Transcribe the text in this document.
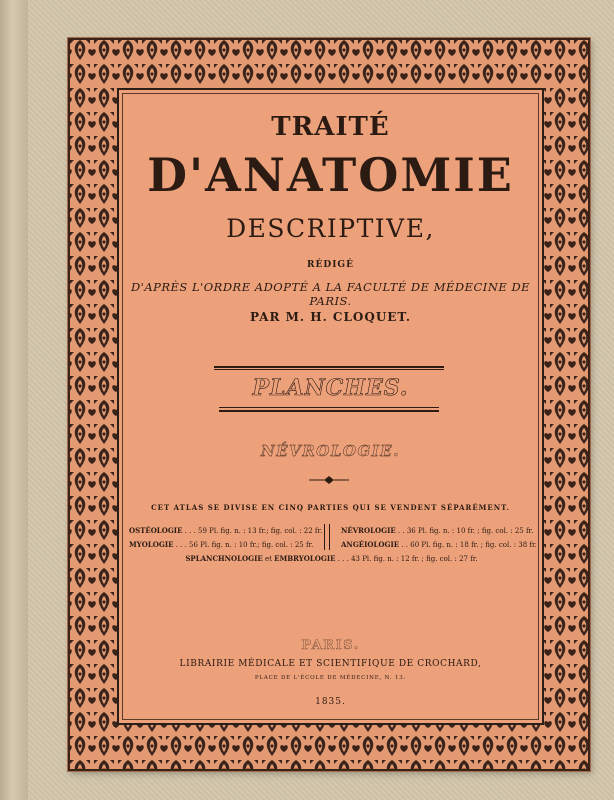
TRAITÉ
D'ANATOMIE
DESCRIPTIVE,
RÉDIGÉ
D'APRÈS L'ORDRE ADOPTÉ A LA FACULTÉ DE MÉDECINE DE PARIS.
PAR M. H. CLOQUET.
PLANCHES.
NÉVROLOGIE.
CET ATLAS SE DIVISE EN CINQ PARTIES QUI SE VENDENT SÉPARÉMENT.
OSTÉOLOGIE . . . 59 Pl. fig. n. : 13 fr.; fig. col. : 22 fr.	NÉVROLOGIE . . 36 Pl. fig. n. : 10 fr. ; fig. col. : 25 fr.
MYOLOGIE . . . 56 Pl. fig. n. : 10 fr.; fig. col. : 25 fr.	ANGÉIOLOGIE . . 60 Pl. fig. n. : 18 fr. ; fig. col. : 38 fr.
SPLANCHNOLOGIE et EMBRYOLOGIE . . . 43 Pl. fig. n. : 12 fr. ; fig. col. : 27 fr.
PARIS.
LIBRAIRIE MÉDICALE ET SCIENTIFIQUE DE CROCHARD,
PLACE DE L'ÉCOLE DE MÉDECINE, N. 13.
1835.
